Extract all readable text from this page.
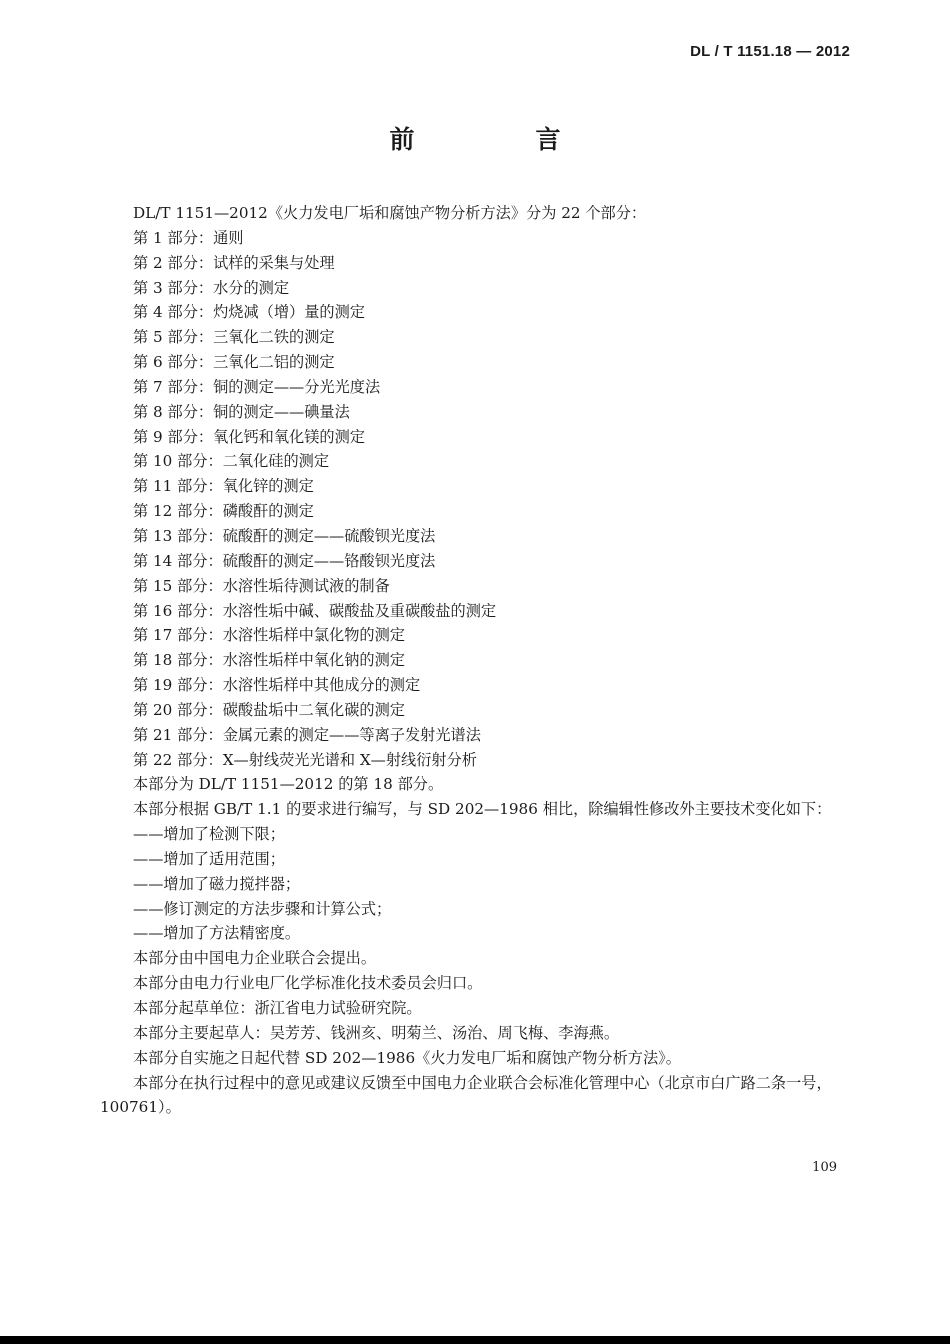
DL / T 1151.18 — 2012
前　言

DL/T 1151—2012《火力发电厂垢和腐蚀产物分析方法》分为 22 个部分：

第 1 部分：通则

第 2 部分：试样的采集与处理

第 3 部分：水分的测定

第 4 部分：灼烧减（增）量的测定

第 5 部分：三氧化二铁的测定

第 6 部分：三氧化二铝的测定

第 7 部分：铜的测定——分光光度法

第 8 部分：铜的测定——碘量法

第 9 部分：氧化钙和氧化镁的测定

第 10 部分：二氧化硅的测定

第 11 部分：氧化锌的测定

第 12 部分：磷酸酐的测定

第 13 部分：硫酸酐的测定——硫酸钡光度法

第 14 部分：硫酸酐的测定——铬酸钡光度法

第 15 部分：水溶性垢待测试液的制备

第 16 部分：水溶性垢中碱、碳酸盐及重碳酸盐的测定

第 17 部分：水溶性垢样中氯化物的测定

第 18 部分：水溶性垢样中氧化钠的测定

第 19 部分：水溶性垢样中其他成分的测定

第 20 部分：碳酸盐垢中二氧化碳的测定

第 21 部分：金属元素的测定——等离子发射光谱法

第 22 部分：X—射线荧光光谱和 X—射线衍射分析

本部分为 DL/T 1151—2012 的第 18 部分。

本部分根据 GB/T 1.1 的要求进行编写，与 SD 202—1986 相比，除编辑性修改外主要技术变化如下：

——增加了检测下限；

——增加了适用范围；

——增加了磁力搅拌器；

——修订测定的方法步骤和计算公式；

——增加了方法精密度。

本部分由中国电力企业联合会提出。

本部分由电力行业电厂化学标准化技术委员会归口。

本部分起草单位：浙江省电力试验研究院。

本部分主要起草人：吴芳芳、钱洲亥、明菊兰、汤治、周飞梅、李海燕。

本部分自实施之日起代替 SD 202—1986《火力发电厂垢和腐蚀产物分析方法》。

本部分在执行过程中的意见或建议反馈至中国电力企业联合会标准化管理中心（北京市白广路二条一号，100761）。

109
